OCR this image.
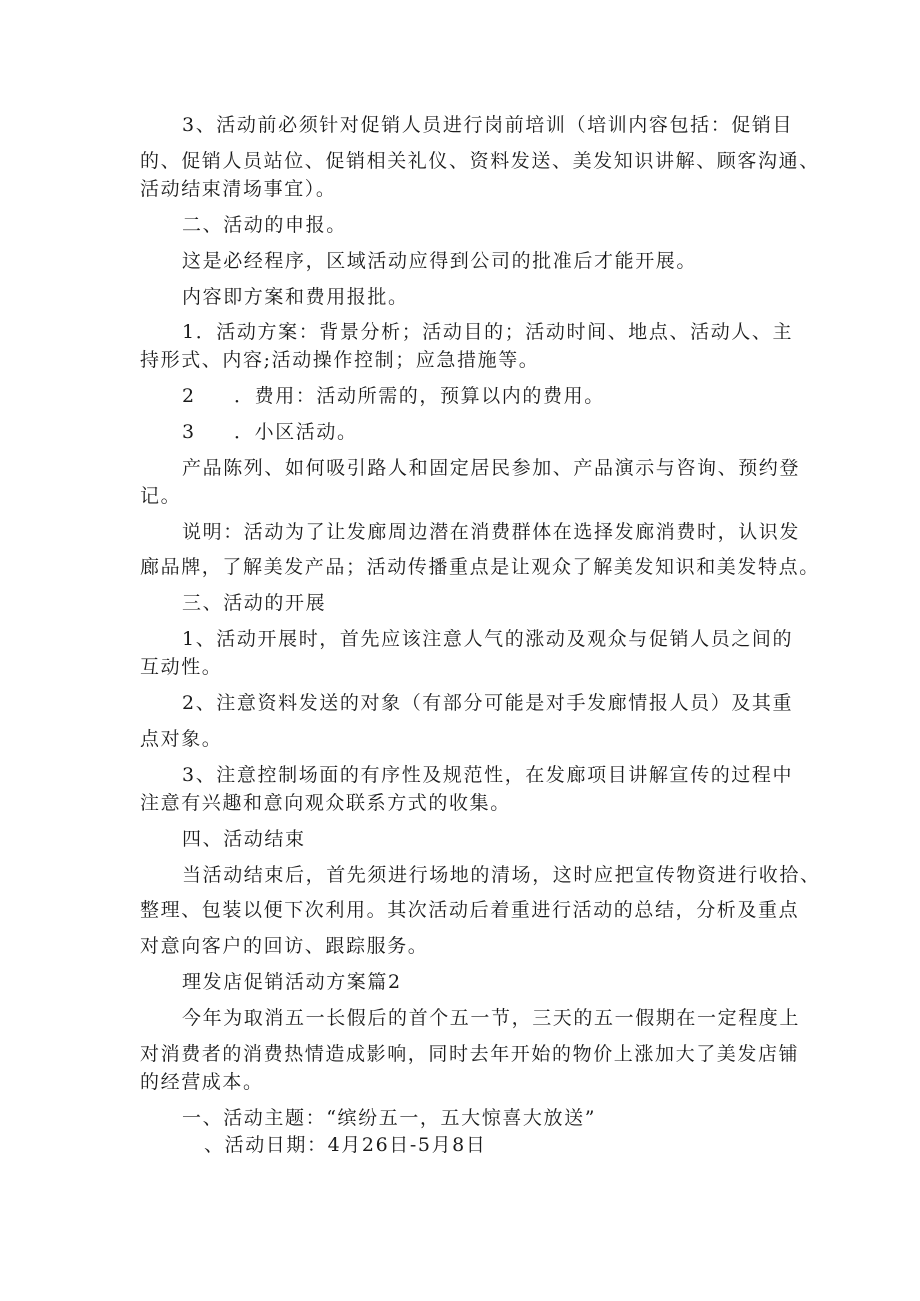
3、活动前必须针对促销人员进行岗前培训（培训内容包括：促销目

的、促销人员站位、促销相关礼仪、资料发送、美发知识讲解、顾客沟通、

活动结束清场事宜）。

二、活动的申报。

这是必经程序，区域活动应得到公司的批准后才能开展。

内容即方案和费用报批。

1．活动方案：背景分析；活动目的；活动时间、地点、活动人、主

持形式、内容;活动操作控制；应急措施等。

2 ．费用：活动所需的，预算以内的费用。

3 ．小区活动。

产品陈列、如何吸引路人和固定居民参加、产品演示与咨询、预约登

记。

说明：活动为了让发廊周边潜在消费群体在选择发廊消费时，认识发

廊品牌，了解美发产品；活动传播重点是让观众了解美发知识和美发特点。

三、活动的开展

1、活动开展时，首先应该注意人气的涨动及观众与促销人员之间的

互动性。

2、注意资料发送的对象（有部分可能是对手发廊情报人员）及其重

点对象。

3、注意控制场面的有序性及规范性，在发廊项目讲解宣传的过程中

注意有兴趣和意向观众联系方式的收集。

四、活动结束

当活动结束后，首先须进行场地的清场，这时应把宣传物资进行收拾、

整理、包装以便下次利用。其次活动后着重进行活动的总结，分析及重点

对意向客户的回访、跟踪服务。

理发店促销活动方案篇2

今年为取消五一长假后的首个五一节，三天的五一假期在一定程度上

对消费者的消费热情造成影响，同时去年开始的物价上涨加大了美发店铺

的经营成本。

一、活动主题：“缤纷五一，五大惊喜大放送”

、活动日期：4月26日-5月8日
